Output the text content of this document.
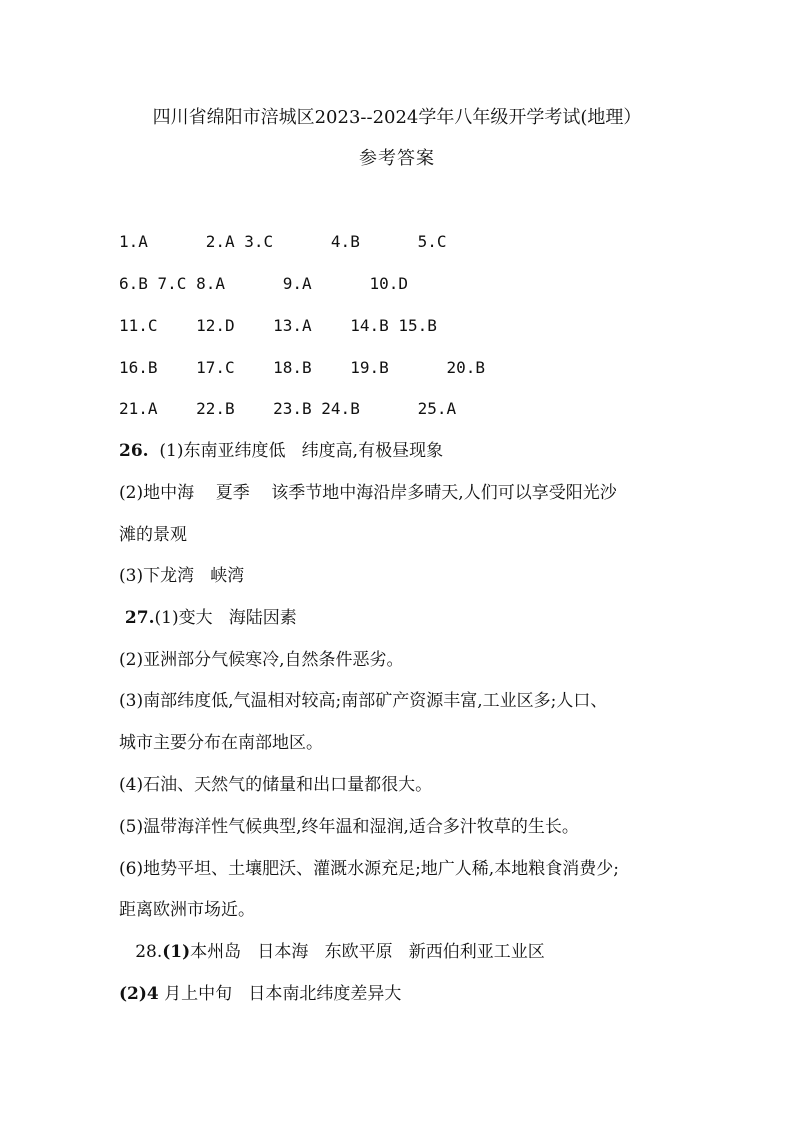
四川省绵阳市涪城区2023--2024学年八年级开学考试(地理）
参考答案
1.A      2.A 3.C      4.B      5.C
6.B 7.C 8.A      9.A      10.D
11.C    12.D    13.A    14.B 15.B
16.B    17.C    18.B    19.B      20.B
21.A    22.B    23.B 24.B      25.A
26.  (1)东南亚纬度低   纬度高,有极昼现象
(2)地中海    夏季    该季节地中海沿岸多晴天,人们可以享受阳光沙
滩的景观
(3)下龙湾   峡湾
27.(1)变大   海陆因素
(2)亚洲部分气候寒冷,自然条件恶劣。
(3)南部纬度低,气温相对较高;南部矿产资源丰富,工业区多;人口、
城市主要分布在南部地区。
(4)石油、天然气的储量和出口量都很大。
(5)温带海洋性气候典型,终年温和湿润,适合多汁牧草的生长。
(6)地势平坦、土壤肥沃、灌溉水源充足;地广人稀,本地粮食消费少;
距离欧洲市场近。
28.(1)本州岛   日本海   东欧平原   新西伯利亚工业区
(2)4 月上中旬   日本南北纬度差异大
